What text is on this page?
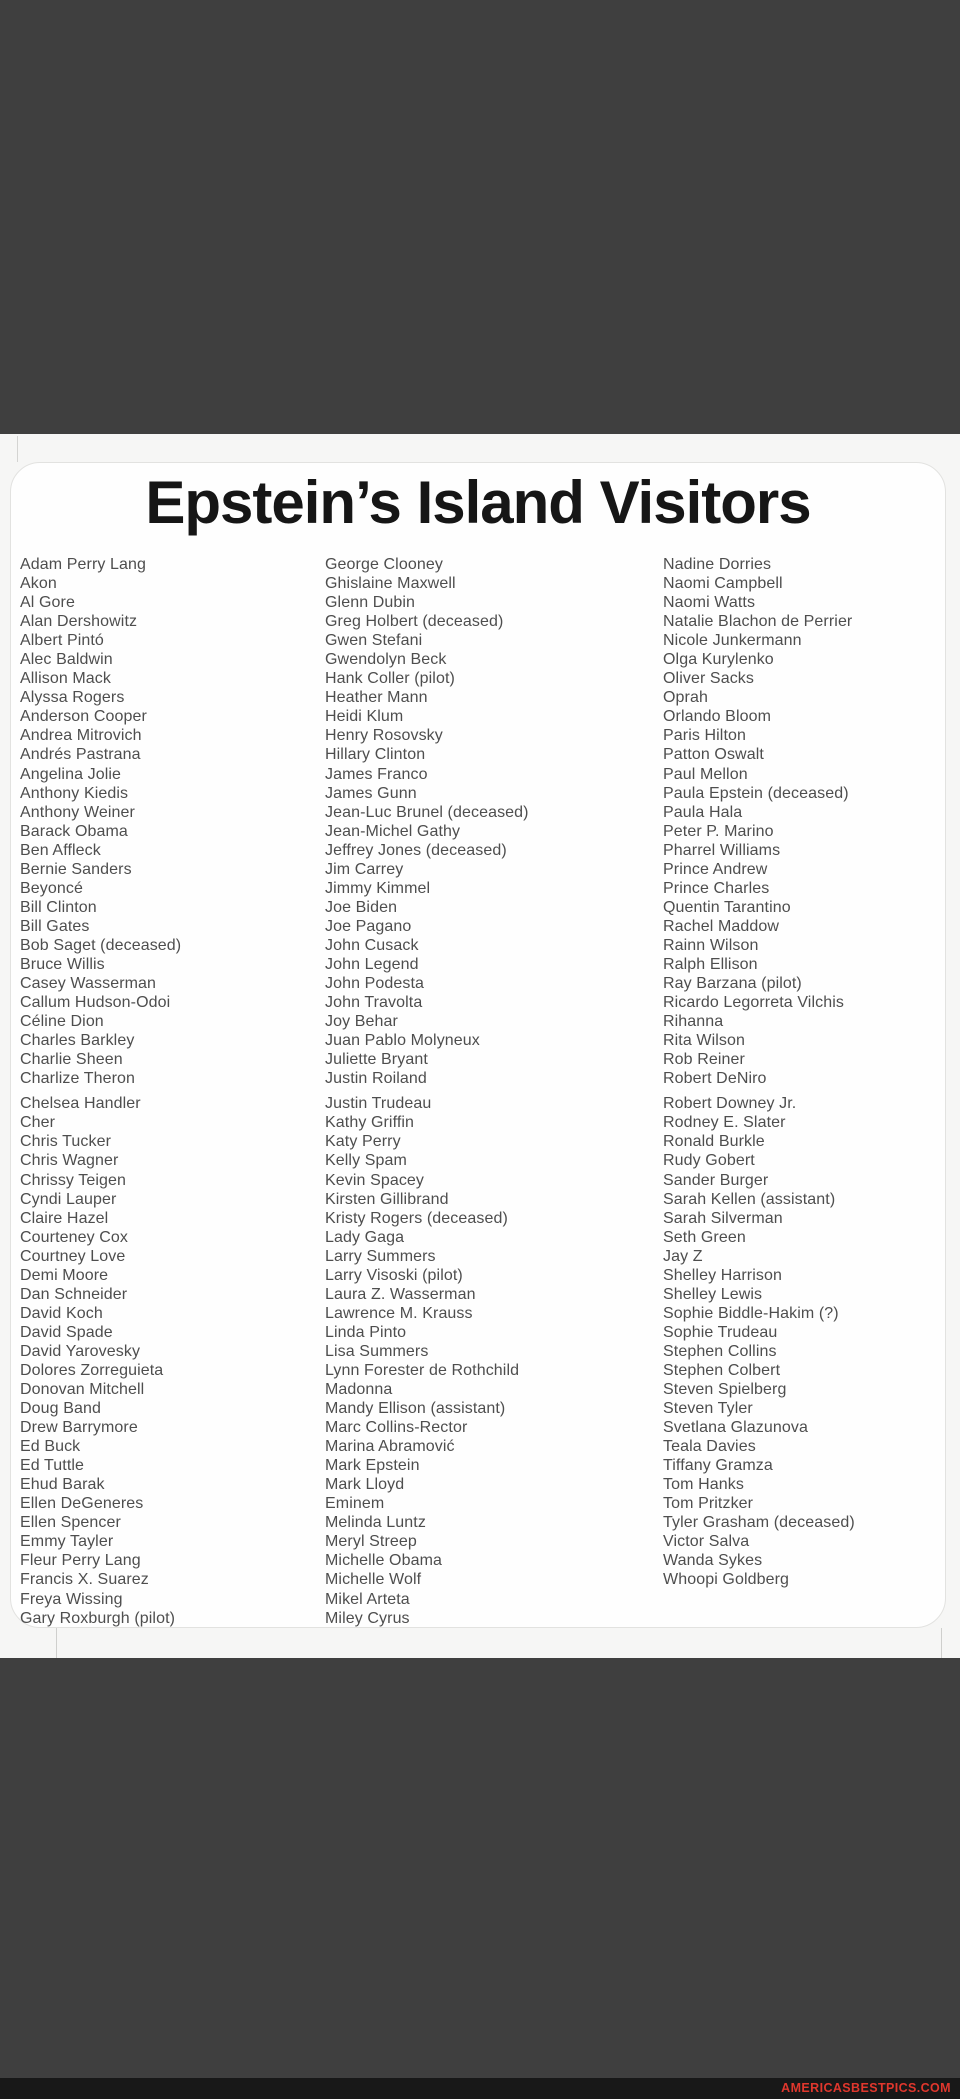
Epstein’s Island Visitors
Adam Perry Lang
Akon
Al Gore
Alan Dershowitz
Albert Pintó
Alec Baldwin
Allison Mack
Alyssa Rogers
Anderson Cooper
Andrea Mitrovich
Andrés Pastrana
Angelina Jolie
Anthony Kiedis
Anthony Weiner
Barack Obama
Ben Affleck
Bernie Sanders
Beyoncé
Bill Clinton
Bill Gates
Bob Saget (deceased)
Bruce Willis
Casey Wasserman
Callum Hudson-Odoi
Céline Dion
Charles Barkley
Charlie Sheen
Charlize Theron
Chelsea Handler
Cher
Chris Tucker
Chris Wagner
Chrissy Teigen
Cyndi Lauper
Claire Hazel
Courteney Cox
Courtney Love
Demi Moore
Dan Schneider
David Koch
David Spade
David Yarovesky
Dolores Zorreguieta
Donovan Mitchell
Doug Band
Drew Barrymore
Ed Buck
Ed Tuttle
Ehud Barak
Ellen DeGeneres
Ellen Spencer
Emmy Tayler
Fleur Perry Lang
Francis X. Suarez
Freya Wissing
Gary Roxburgh (pilot)
George Clooney
Ghislaine Maxwell
Glenn Dubin
Greg Holbert (deceased)
Gwen Stefani
Gwendolyn Beck
Hank Coller (pilot)
Heather Mann
Heidi Klum
Henry Rosovsky
Hillary Clinton
James Franco
James Gunn
Jean-Luc Brunel (deceased)
Jean-Michel Gathy
Jeffrey Jones (deceased)
Jim Carrey
Jimmy Kimmel
Joe Biden
Joe Pagano
John Cusack
John Legend
John Podesta
John Travolta
Joy Behar
Juan Pablo Molyneux
Juliette Bryant
Justin Roiland
Justin Trudeau
Kathy Griffin
Katy Perry
Kelly Spam
Kevin Spacey
Kirsten Gillibrand
Kristy Rogers (deceased)
Lady Gaga
Larry Summers
Larry Visoski (pilot)
Laura Z. Wasserman
Lawrence M. Krauss
Linda Pinto
Lisa Summers
Lynn Forester de Rothchild
Madonna
Mandy Ellison (assistant)
Marc Collins-Rector
Marina Abramović
Mark Epstein
Mark Lloyd
Eminem
Melinda Luntz
Meryl Streep
Michelle Obama
Michelle Wolf
Mikel Arteta
Miley Cyrus
Nadine Dorries
Naomi Campbell
Naomi Watts
Natalie Blachon de Perrier
Nicole Junkermann
Olga Kurylenko
Oliver Sacks
Oprah
Orlando Bloom
Paris Hilton
Patton Oswalt
Paul Mellon
Paula Epstein (deceased)
Paula Hala
Peter P. Marino
Pharrel Williams
Prince Andrew
Prince Charles
Quentin Tarantino
Rachel Maddow
Rainn Wilson
Ralph Ellison
Ray Barzana (pilot)
Ricardo Legorreta Vilchis
Rihanna
Rita Wilson
Rob Reiner
Robert DeNiro
Robert Downey Jr.
Rodney E. Slater
Ronald Burkle
Rudy Gobert
Sander Burger
Sarah Kellen (assistant)
Sarah Silverman
Seth Green
Jay Z
Shelley Harrison
Shelley Lewis
Sophie Biddle-Hakim (?)
Sophie Trudeau
Stephen Collins
Stephen Colbert
Steven Spielberg
Steven Tyler
Svetlana Glazunova
Teala Davies
Tiffany Gramza
Tom Hanks
Tom Pritzker
Tyler Grasham (deceased)
Victor Salva
Wanda Sykes
Whoopi Goldberg
AMERICASBESTPICS.COM
